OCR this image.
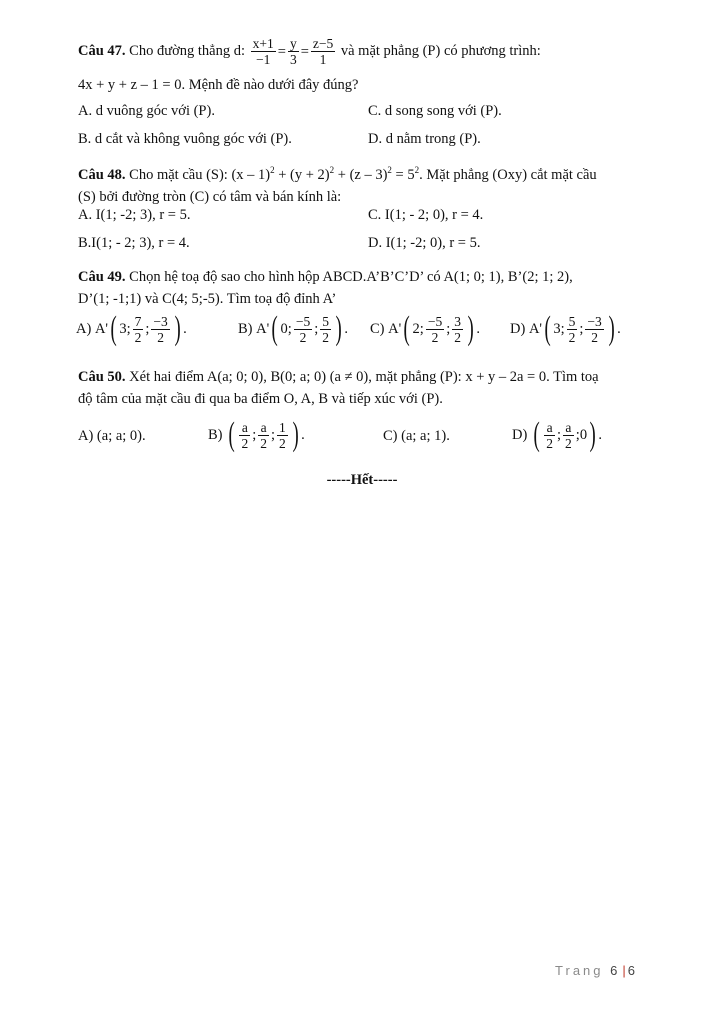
Câu 47. Cho đường thẳng d: $\frac{x+1}{-1} = \frac{y}{3} = \frac{z-5}{1}$ và mặt phẳng (P) có phương trình:
4x + y + z – 1 = 0. Mệnh đề nào dưới đây đúng?
A. d vuông góc với (P).	C. d song song với (P).
B. d cắt và không vuông góc với (P).	D. d nằm trong (P).
Câu 48. Cho mặt cầu (S): $(x - 1)^2 + (y + 2)^2 + (z - 3)^2 = 5^2$. Mặt phẳng (Oxy) cắt mặt cầu
(S) bởi đường tròn (C) có tâm và bán kính là:
A. I(1; -2; 3), r = 5.	C. I(1; - 2; 0), r = 4.
B.I(1; - 2; 3), r = 4.	D. I(1; -2; 0), r = 5.
Câu 49. Chọn hệ toạ độ sao cho hình hộp ABCD.A’B’C’D’ có A(1; 0; 1), B’(2; 1; 2),
D’(1; -1;1) và C(4; 5;-5). Tìm toạ độ đỉnh A’
A) A'( 3; $\frac{7}{2}$ ; $\frac{-3}{2}$ ) .	B) A'( 0; $\frac{-5}{2}$ ; $\frac{5}{2}$ ) . C) A'( 2; $\frac{-5}{2}$ ; $\frac{3}{2}$ ) . D) A'( 3; $\frac{5}{2}$ ; $\frac{-3}{2}$ ) .
Câu 50. Xét hai điểm A(a; 0; 0), B(0; a; 0) (a ≠ 0), mặt phẳng (P): x + y – 2a = 0. Tìm toạ
độ tâm của mặt cầu đi qua ba điểm O, A, B và tiếp xúc với (P).
A) (a; a; 0).	B) ( $\frac{a}{2}$ ; $\frac{a}{2}$ ; $\frac{1}{2}$ ) .	C) (a; a; 1).	D) ( $\frac{a}{2}$ ; $\frac{a}{2}$ ;0) .
-----Hết-----
Trang 6 | 6
